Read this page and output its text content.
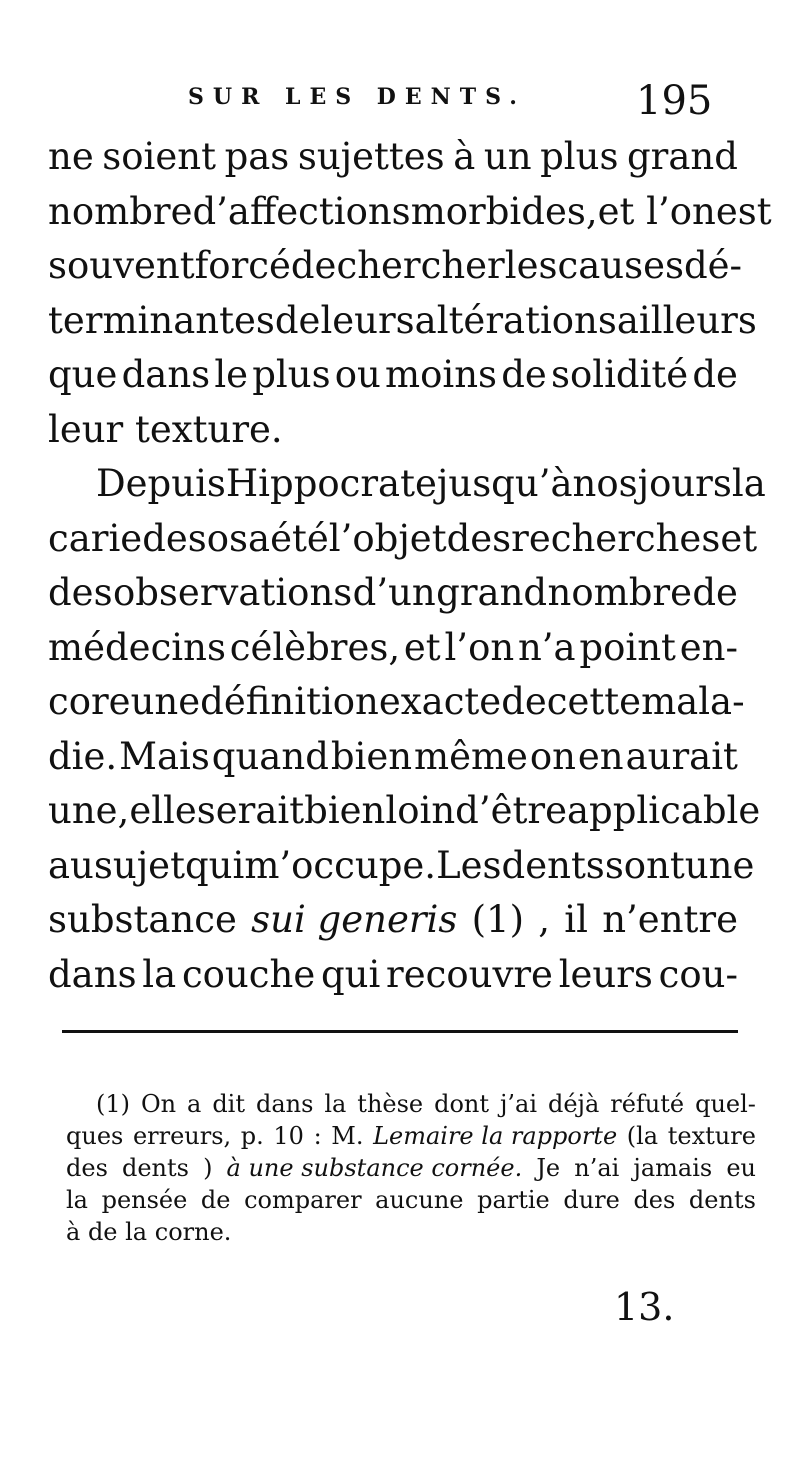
SUR LES DENTS.	195
ne soient pas sujettes à un plus grand
nombre d’affections morbides, et l’on est
souvent forcé de chercher les causes dé-
terminantes de leurs altérations ailleurs
que dans le plus ou moins de solidité de
leur texture.
Depuis Hippocrate jusqu’à nos jours la
carie des os a été l’objet des recherches et
des observations d’un grand nombre de
médecins célèbres, et l’on n’a point en-
core une définition exacte de cette mala-
die. Mais quand bien même on en aurait
une, elle serait bien loin d’être applicable
au sujet qui m’occupe. Les dents sont une
substance sui generis (1) , il n’entre
dans la couche qui recouvre leurs cou-
(1) On a dit dans la thèse dont j’ai déjà réfuté quel-
ques erreurs, p. 10 : M. Lemaire la rapporte (la texture
des dents ) à une substance cornée. Je n’ai jamais eu
la pensée de comparer aucune partie dure des dents
à de la corne.
13.
